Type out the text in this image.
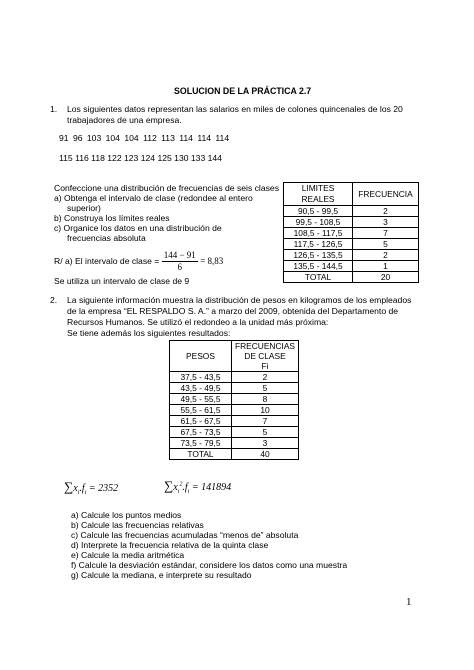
SOLUCION DE LA PRÁCTICA 2.7
1. Los siguientes datos representan las salarios en miles de colones quincenales de los 20
trabajadores de una empresa.
91 96 103 104 104 112 113 114 114 114
115 116 118 122 123 124 125 130 133 144
Confeccione una distribución de frecuencias de seis clases
a) Obtenga el intervalo de clase (redondee al entero
superior)
b) Construya los límites reales
c) Organice los datos en una distribución de
frecuencias absoluta
R/ a) El intervalo de clase = $\frac{144 - 91}{6} = 8,83$
Se utiliza un intervalo de clase de 9
LIMITES
REALES	FRECUENCIA
90,5 - 99,5	2
99,5 - 108,5	3
108,5 - 117,5	7
117,5 - 126,5	5
126,5 - 135,5	2
135,5 - 144,5	1
TOTAL	20
2. La siguiente información muestra la distribución de pesos en kilogramos de los empleados
de la empresa “EL RESPALDO S. A.” a marzo del 2009, obtenida del Departamento de
Recursos Humanos. Se utilizó el redondeo a la unidad más próxima:
Se tiene además los siguientes resultados:
PESOS	FRECUENCIAS
DE CLASE
Fi
37,5 - 43,5	2
43,5 - 49,5	5
49,5 - 55,5	8
55,5 - 61,5	10
61,5 - 67,5	7
67,5 - 73,5	5
73,5 - 79,5	3
TOTAL	40
$\sum x_i.f_i = 2352$	$\sum x_i^2.f_i = 141894$
a) Calcule los puntos medios
b) Calcule las frecuencias relativas
c) Calcule las frecuencias acumuladas “menos de” absoluta
d) Interprete la frecuencia relativa de la quinta clase
e) Calcule la media aritmética
f) Calcule la desviación estándar, considere los datos como una muestra
g) Calcule la mediana, e interprete su resultado
1
